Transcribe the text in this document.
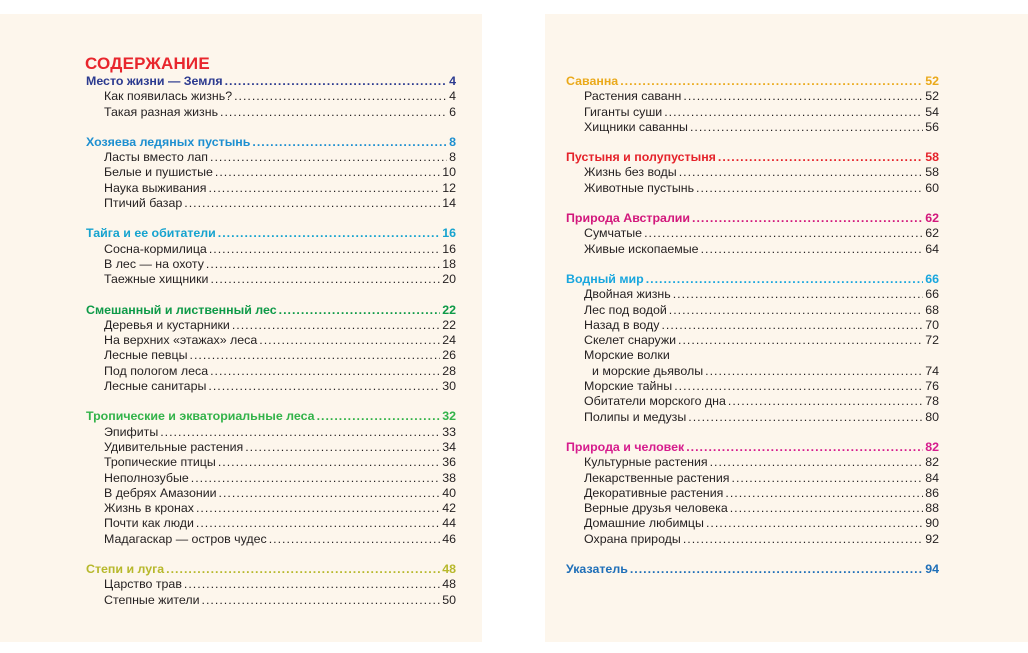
СОДЕРЖАНИЕ
Место жизни — Земля .....	4
Как появилась жизнь? .....	4
Такая разная жизнь .....	6
Хозяева ледяных пустынь .....	8
Ласты вместо лап .....	8
Белые и пушистые .....	10
Наука выживания .....	12
Птичий базар .....	14
Тайга и ее обитатели .....	16
Сосна-кормилица .....	16
В лес — на охоту .....	18
Таежные хищники .....	20
Смешанный и лиственный лес .....	22
Деревья и кустарники .....	22
На верхних «этажах» леса .....	24
Лесные певцы .....	26
Под пологом леса .....	28
Лесные санитары .....	30
Тропические и экваториальные леса .....	32
Эпифиты .....	33
Удивительные растения .....	34
Тропические птицы .....	36
Неполнозубые .....	38
В дебрях Амазонии .....	40
Жизнь в кронах .....	42
Почти как люди .....	44
Мадагаскар — остров чудес .....	46
Степи и луга .....	48
Царство трав .....	48
Степные жители .....	50
Саванна .....	52
Растения саванн .....	52
Гиганты суши .....	54
Хищники саванны .....	56
Пустыня и полупустыня .....	58
Жизнь без воды .....	58
Животные пустынь .....	60
Природа Австралии .....	62
Сумчатые .....	62
Живые ископаемые .....	64
Водный мир .....	66
Двойная жизнь .....	66
Лес под водой .....	68
Назад в воду .....	70
Скелет снаружи .....	72
Морские волки
и морские дьяволы .....	74
Морские тайны .....	76
Обитатели морского дна .....	78
Полипы и медузы .....	80
Природа и человек .....	82
Культурные растения .....	82
Лекарственные растения .....	84
Декоративные растения .....	86
Верные друзья человека .....	88
Домашние любимцы .....	90
Охрана природы .....	92
Указатель .....	94
